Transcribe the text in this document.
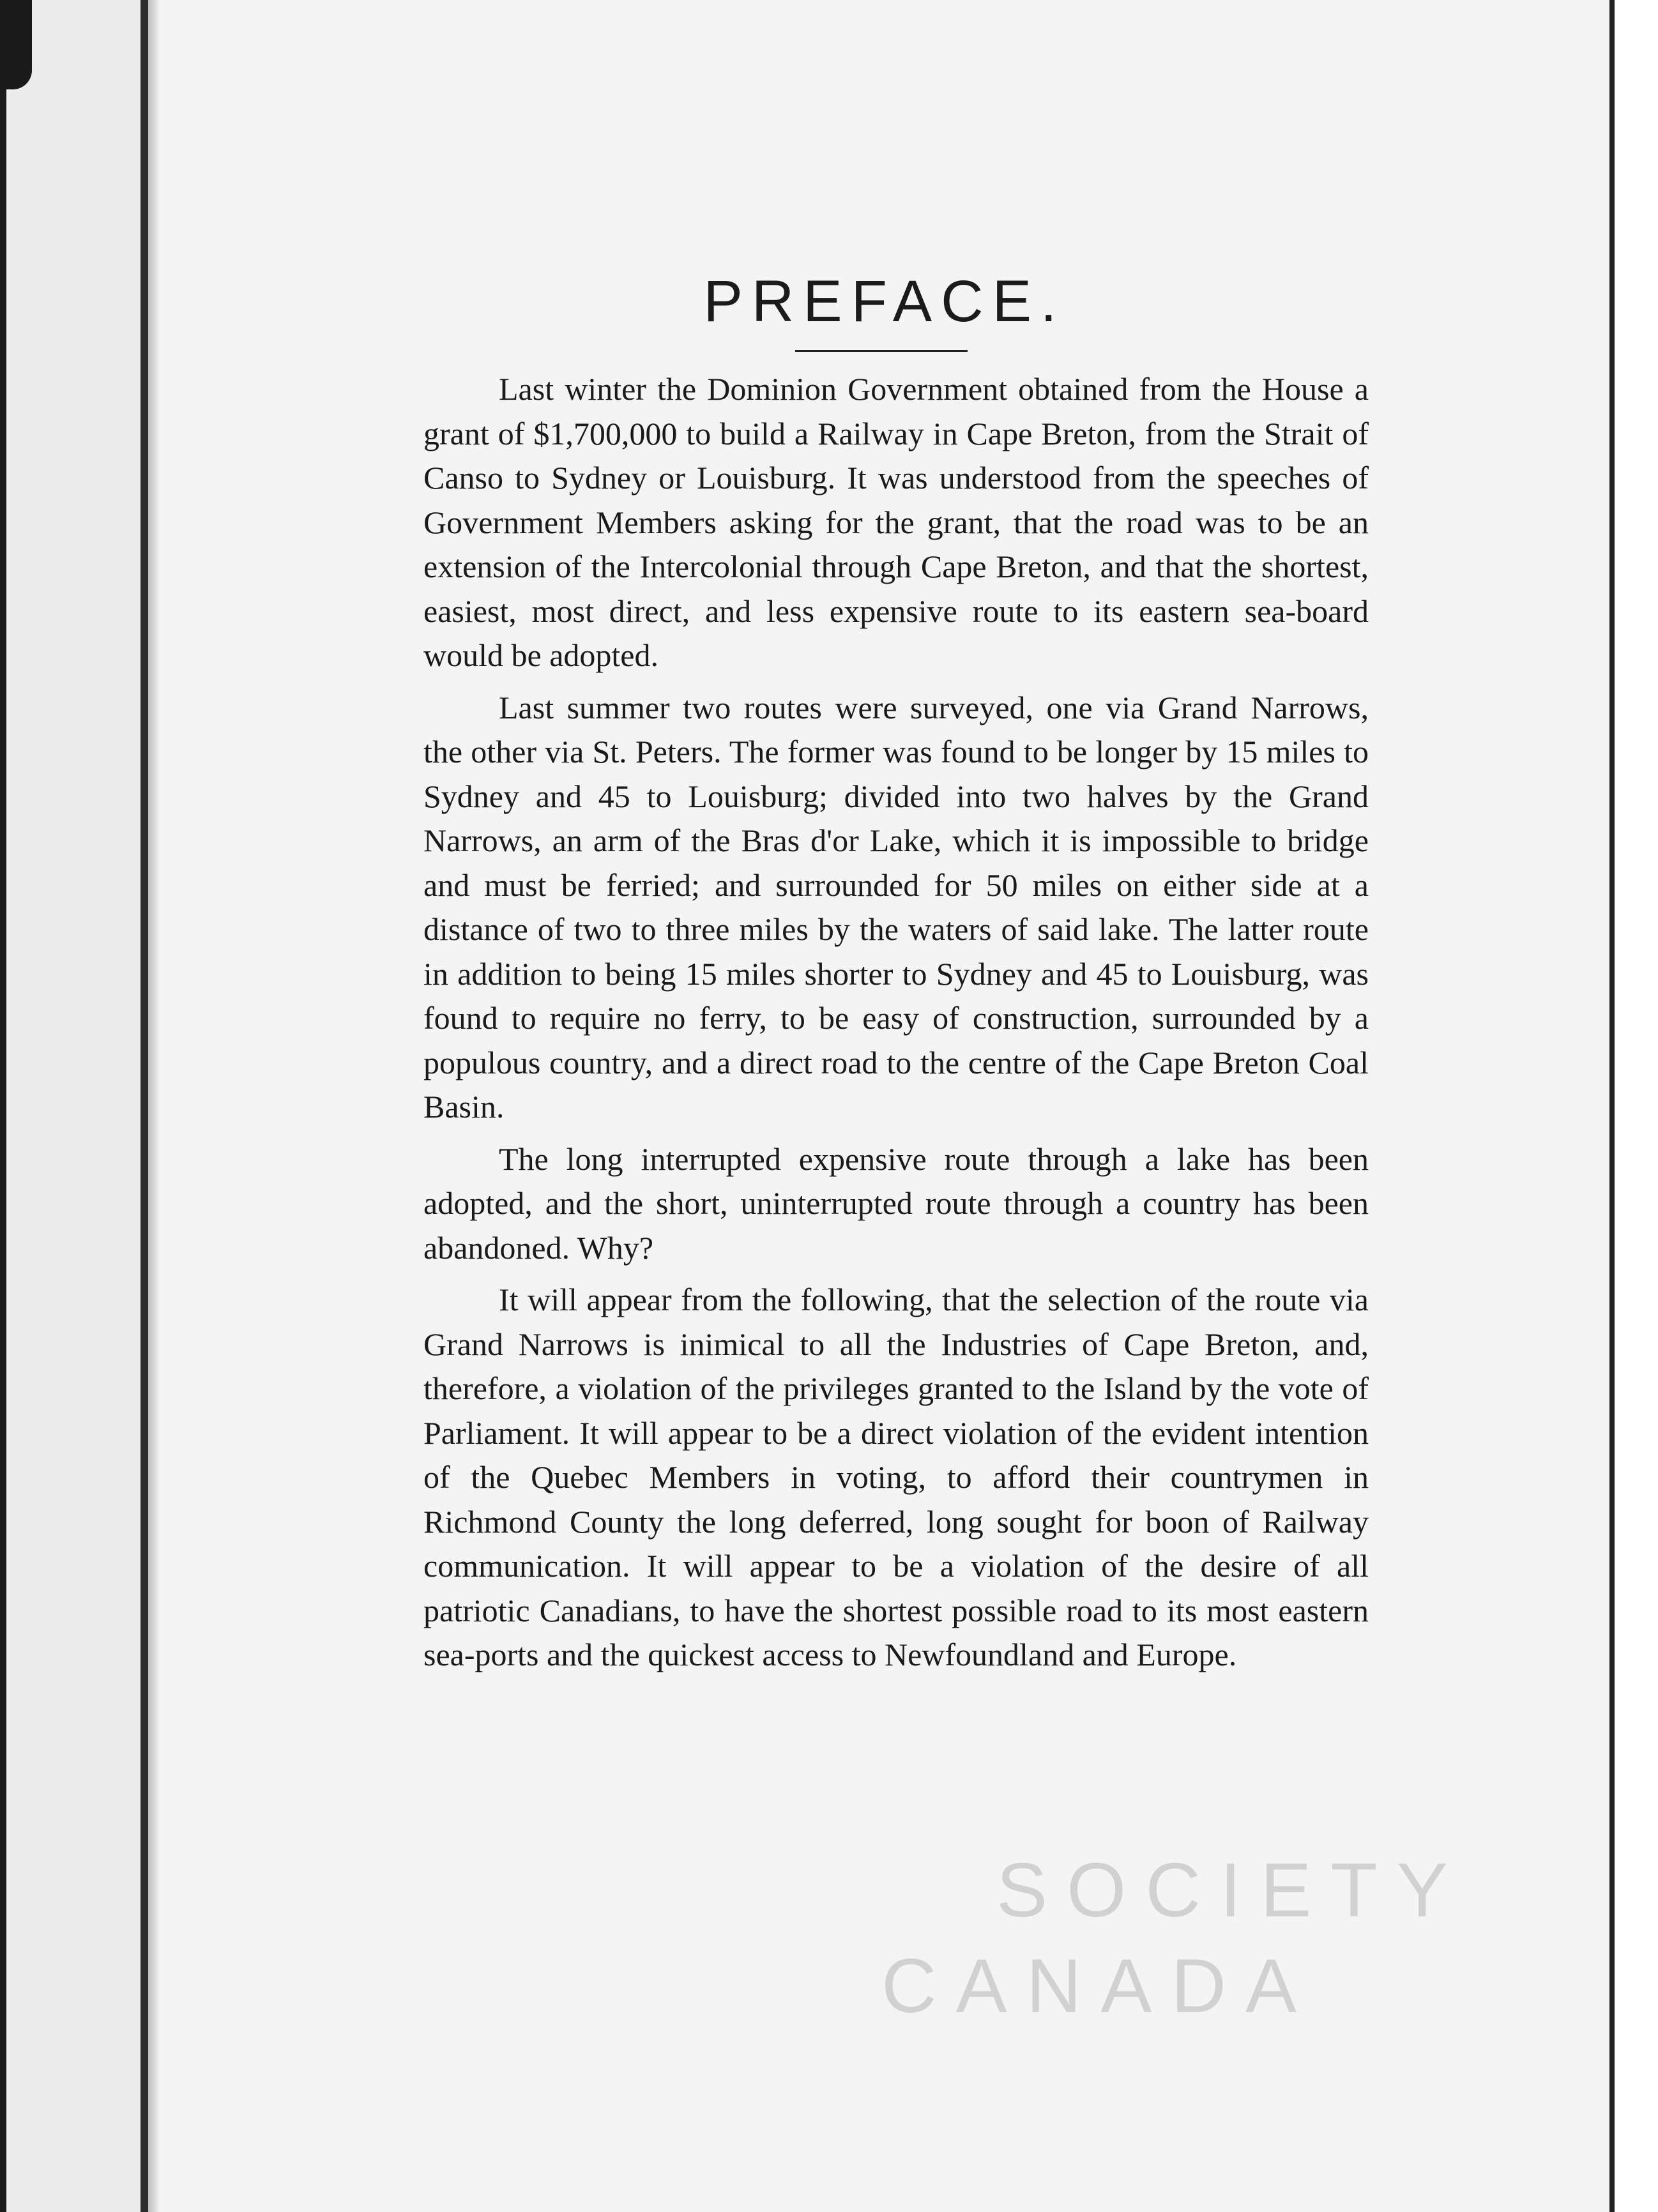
PREFACE.

Last winter the Dominion Government obtained from the House a grant of $1,700,000 to build a Railway in Cape Breton, from the Strait of Canso to Sydney or Louisburg. It was understood from the speeches of Government Members asking for the grant, that the road was to be an extension of the Intercolonial through Cape Breton, and that the shortest, easiest, most direct, and less expensive route to its eastern sea-board would be adopted.

Last summer two routes were surveyed, one via Grand Narrows, the other via St. Peters. The former was found to be longer by 15 miles to Sydney and 45 to Louisburg; divided into two halves by the Grand Narrows, an arm of the Bras d'or Lake, which it is impossible to bridge and must be ferried; and surrounded for 50 miles on either side at a distance of two to three miles by the waters of said lake. The latter route in addition to being 15 miles shorter to Sydney and 45 to Louisburg, was found to require no ferry, to be easy of construction, surrounded by a populous country, and a direct road to the centre of the Cape Breton Coal Basin.

The long interrupted expensive route through a lake has been adopted, and the short, uninterrupted route through a country has been abandoned. Why?

It will appear from the following, that the selection of the route via Grand Narrows is inimical to all the Industries of Cape Breton, and, therefore, a violation of the privileges granted to the Island by the vote of Parliament. It will appear to be a direct violation of the evident intention of the Quebec Members in voting, to afford their countrymen in Richmond County the long deferred, long sought for boon of Railway communication. It will appear to be a violation of the desire of all patriotic Canadians, to have the shortest possible road to its most eastern sea-ports and the quickest access to Newfoundland and Europe.

SOCIETY
CANADA
